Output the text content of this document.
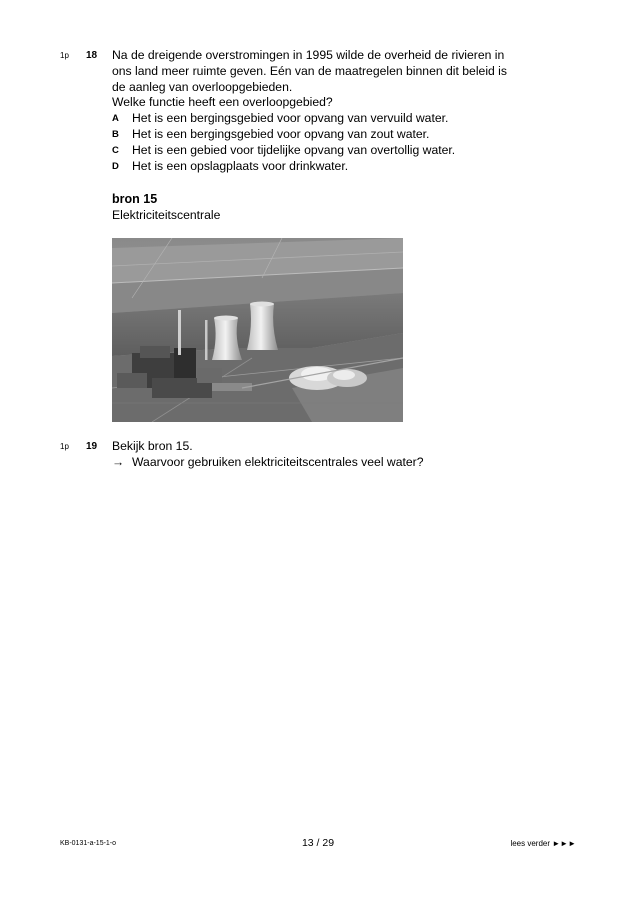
1p 18 Na de dreigende overstromingen in 1995 wilde de overheid de rivieren in
ons land meer ruimte geven. Eén van de maatregelen binnen dit beleid is
de aanleg van overloopgebieden.
Welke functie heeft een overloopgebied?
A	Het is een bergingsgebied voor opvang van vervuild water.
B	Het is een bergingsgebied voor opvang van zout water.
C	Het is een gebied voor tijdelijke opvang van overtollig water.
D	Het is een opslagplaats voor drinkwater.
bron 15
Elektriciteitscentrale
1p 19 Bekijk bron 15.
→ Waarvoor gebruiken elektriciteitscentrales veel water?
KB-0131-a-15-1-o	13 / 29	lees verder ►►►
